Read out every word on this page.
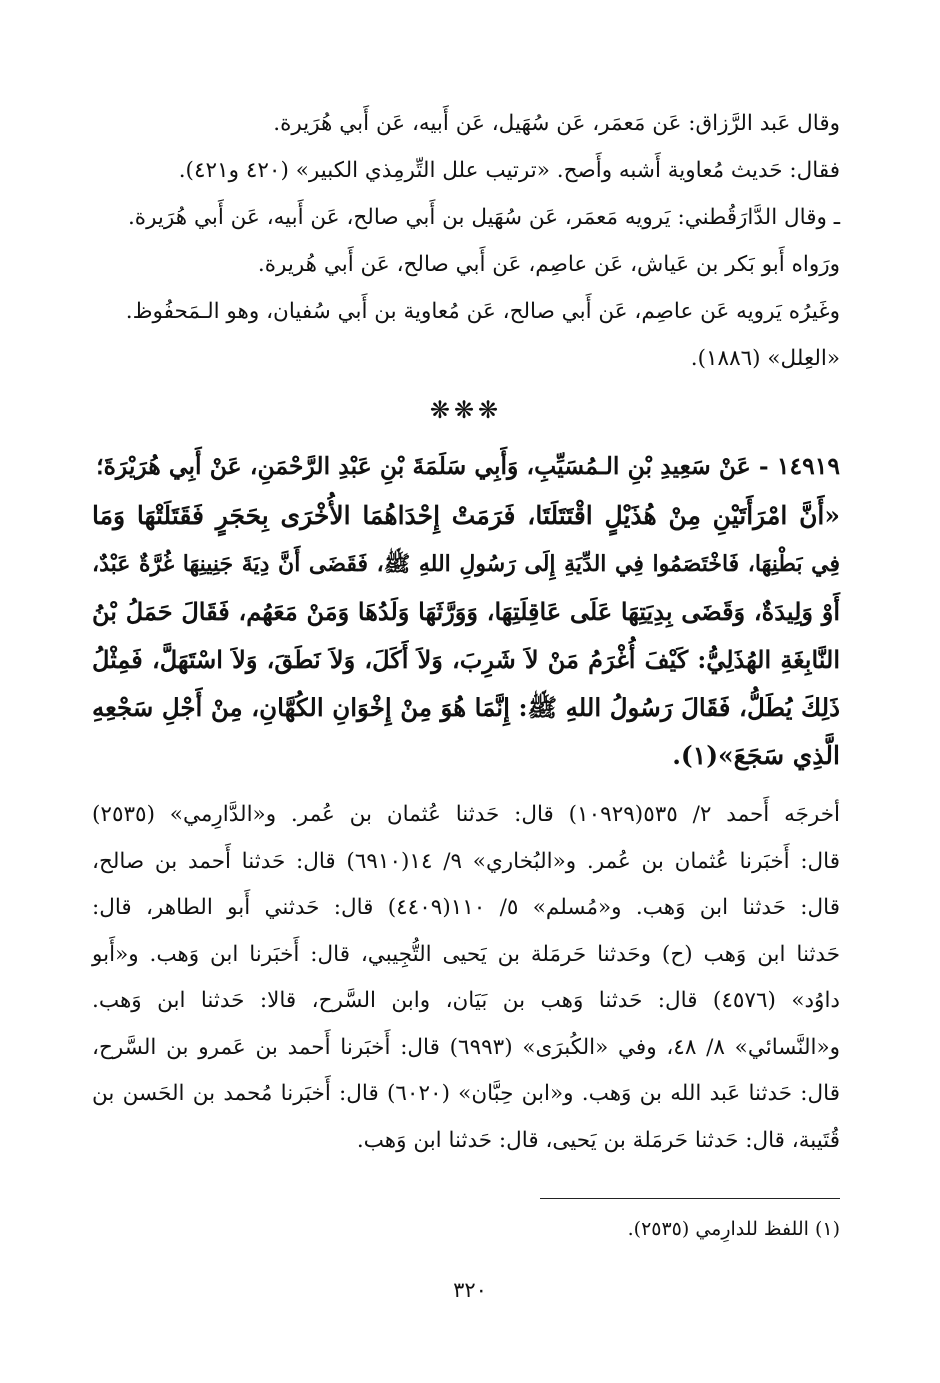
وقال عَبد الرَّزاق: عَن مَعمَر، عَن سُهَيل، عَن أَبيه، عَن أَبي هُرَيرة.
فقال: حَديث مُعاوية أَشبه وأَصح. «ترتيب علل التِّرمِذي الكبير» (٤٢٠ و٤٢١).
ـ وقال الدَّارَقُطني: يَرويه مَعمَر، عَن سُهَيل بن أَبي صالح، عَن أَبيه، عَن أَبي هُرَيرة.
ورَواه أَبو بَكر بن عَياش، عَن عاصِم، عَن أَبي صالح، عَن أَبي هُريرة.
وغَيرُه يَرويه عَن عاصِم، عَن أَبي صالح، عَن مُعاوية بن أَبي سُفيان، وهو الـمَحفُوظ.
«العِلل» (١٨٨٦).
❋❋❋
١٤٩١٩ - عَنْ سَعِيدِ بْنِ الـمُسَيِّبِ، وَأَبِي سَلَمَةَ بْنِ عَبْدِ الرَّحْمَنِ، عَنْ أَبِي هُرَيْرَةَ؛
«أَنَّ امْرَأَتَيْنِ مِنْ هُذَيْلٍ اقْتَتَلَتَا، فَرَمَتْ إِحْدَاهُمَا الأُخْرَى بِحَجَرٍ فَقَتَلَتْهَا وَمَا
فِي بَطْنِهَا، فَاخْتَصَمُوا فِي الدِّيَةِ إِلَى رَسُولِ اللهِ ﷺ، فَقَضَى أَنَّ دِيَةَ جَنِينِهَا غُرَّةٌ عَبْدٌ،
أَوْ وَلِيدَةٌ، وَقَضَى بِدِيَتِهَا عَلَى عَاقِلَتِهَا، وَوَرَّثَهَا وَلَدُهَا وَمَنْ مَعَهُم، فَقَالَ حَمَلُ بْنُ
النَّابِغَةِ الهُذَلِيُّ: كَيْفَ أُغْرَمُ مَنْ لاَ شَرِبَ، وَلاَ أَكَلَ، وَلاَ نَطَقَ، وَلاَ اسْتَهَلَّ، فَمِثْلُ
ذَلِكَ يُطَلُّ، فَقَالَ رَسُولُ اللهِ ﷺ: إِنَّمَا هُوَ مِنْ إِخْوَانِ الكُهَّانِ، مِنْ أَجْلِ سَجْعِهِ
الَّذِي سَجَعَ»(١).
أخرجَه أَحمد ٢/ ٥٣٥(١٠٩٢٩) قال: حَدثنا عُثمان بن عُمر. و«الدَّارِمي» (٢٥٣٥)
قال: أَخبَرنا عُثمان بن عُمر. و«البُخاري» ٩/ ١٤(٦٩١٠) قال: حَدثنا أَحمد بن صالح،
قال: حَدثنا ابن وَهب. و«مُسلم» ٥/ ١١٠(٤٤٠٩) قال: حَدثني أَبو الطاهر، قال:
حَدثنا ابن وَهب (ح) وحَدثنا حَرمَلة بن يَحيى التُّجِيبي، قال: أَخبَرنا ابن وَهب. و«أَبو
داوُد» (٤٥٧٦) قال: حَدثنا وَهب بن بَيَان، وابن السَّرح، قالا: حَدثنا ابن وَهب.
و«النَّسائي» ٨/ ٤٨، وفي «الكُبرَى» (٦٩٩٣) قال: أَخبَرنا أَحمد بن عَمرو بن السَّرح،
قال: حَدثنا عَبد الله بن وَهب. و«ابن حِبَّان» (٦٠٢٠) قال: أَخبَرنا مُحمد بن الحَسن بن
قُتَيبة، قال: حَدثنا حَرمَلة بن يَحيى، قال: حَدثنا ابن وَهب.
(١) اللفظ للدارِمي (٢٥٣٥).
٣٢٠
